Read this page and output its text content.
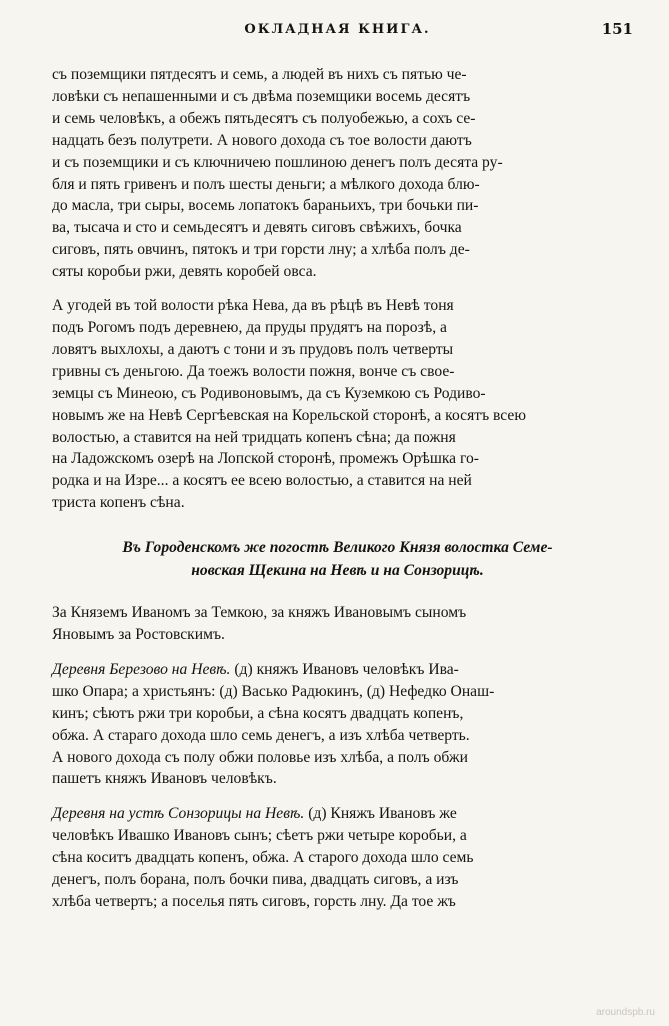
ОКЛАДНАЯ КНИГА.	151

съ поземщики пятдесятъ и семь, а людей въ нихъ съ пятью че-
ловѣки съ непашенными и съ двѣма поземщики восемь десятъ
и семь человѣкъ, а обежъ пятьдесятъ съ полуобежью, а сохъ се-
надцать безъ полутрети. А нового дохода съ тое волости даютъ
и съ поземщики и съ ключничею пошлиною денегъ полъ десята ру-
бля и пять гривенъ и полъ шесты деньги; а мѣлкого дохода блю-
до масла, три сыры, восемь лопатокъ бараньихъ, три бочьки пи-
ва, тысача и сто и семьдесятъ и девять сиговъ свѣжихъ, бочка
сиговъ, пять овчинъ, пятокъ и три горсти лну; а хлѣба полъ де-
сяты коробьи ржи, девять коробей овса.

А угодей въ той волости рѣка Нева, да въ рѣцѣ въ Невѣ тоня
подъ Рогомъ подъ деревнею, да пруды прудятъ на порозѣ, а
ловятъ выхлохы, а даютъ с тони и зъ прудовъ полъ четверты
гривны съ деньгою. Да тоежъ волости пожня, вонче съ свое-
земцы съ Минеою, съ Родивоновымъ, да съ Куземкою съ Родиво-
новымъ же на Невѣ Сергѣевская на Корельской сторонѣ, а косятъ всею
волостью, а ставится на ней тридцать копенъ сѣна; да пожня
на Ладожскомъ озерѣ на Лопской сторонѣ, промежъ Орѣшка го-
родка и на Изре... а косятъ ее всею волостью, а ставится на ней
триста копенъ сѣна.

Въ Городенскомъ же погостѣ Великого Князя волостка Семе-
новская Щекина на Невѣ и на Сонзорицѣ.

За Княземъ Иваномъ за Темкою, за княжъ Ивановымъ сыномъ
Яновымъ за Ростовскимъ.

Деревня Березово на Невѣ. (д) княжъ Ивановъ человѣкъ Ива-
шко Опара; а христьянъ: (д) Васько Радюкинъ, (д) Нефедко Онаш-
кинъ; сѣютъ ржи три коробьи, а сѣна косятъ двадцать копенъ,
обжа. А стараго дохода шло семь денегъ, а изъ хлѣба четверть.
А нового дохода съ полу обжи половье изъ хлѣба, а полъ обжи
пашетъ княжъ Ивановъ человѣкъ.

Деревня на устѣ Сонзорицы на Невѣ. (д) Княжъ Ивановъ же
человѣкъ Ивашко Ивановъ сынъ; сѣетъ ржи четыре коробьи, а
сѣна коситъ двадцать копенъ, обжа. А старого дохода шло семь
денегъ, полъ борана, полъ бочки пива, двадцать сиговъ, а изъ
хлѣба четвертъ; а поселья пять сиговъ, горсть лну. Да тое жъ

aroundspb.ru
